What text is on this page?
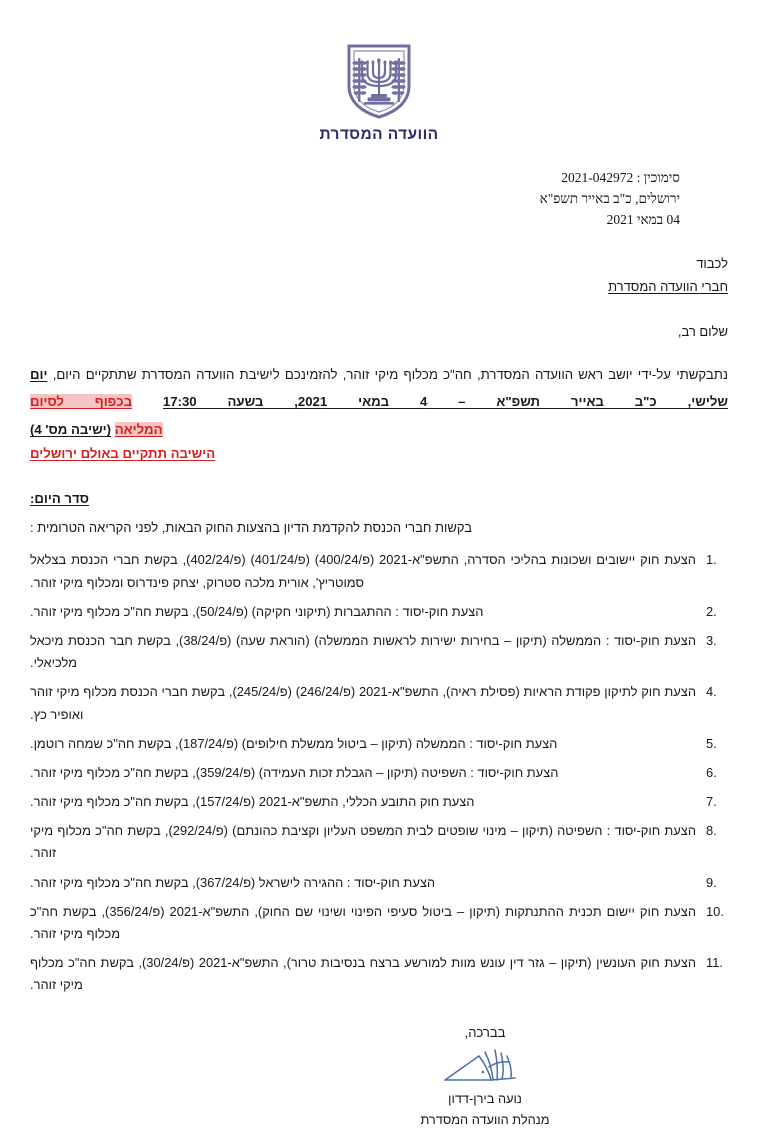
הוועדה המסדרת
סימוכין : 2021-042972
ירושלים, כ"ב באייר תשפ"א
04 במאי 2021
לכבוד
חברי הוועדה המסדרת
שלום רב,
נתבקשתי על-ידי יושב ראש הוועדה המסדרת, חה"כ מכלוף מיקי זוהר, להזמינכם לישיבת הוועדה המסדרת שתתקיים היום, יום שלישי, כ"ב באייר תשפ"א – 4 במאי 2021, בשעה 17:30 בכפוף לסיום
המליאה (ישיבה מס' 4)
הישיבה תתקיים באולם ירושלים
סדר היום:
בקשות חברי הכנסת להקדמת הדיון בהצעות החוק הבאות, לפני הקריאה הטרומית :
הצעת חוק יישובים ושכונות בהליכי הסדרה, התשפ"א-2021 (פ/400/24) (פ/401/24) (פ/402/24), בקשת חברי הכנסת בצלאל סמוטריץ', אורית מלכה סטרוק, יצחק פינדרוס ומכלוף מיקי זוהר.
הצעת חוק-יסוד : ההתגברות (תיקוני חקיקה) (פ/50/24), בקשת חה"כ מכלוף מיקי זוהר.
הצעת חוק-יסוד : הממשלה (תיקון – בחירות ישירות לראשות הממשלה) (הוראת שעה) (פ/38/24), בקשת חבר הכנסת מיכאל מלכיאלי.
הצעת חוק לתיקון פקודת הראיות (פסילת ראיה), התשפ"א-2021 (פ/246/24) (פ/245/24), בקשת חברי הכנסת מכלוף מיקי זוהר ואופיר כץ.
הצעת חוק-יסוד : הממשלה (תיקון – ביטול ממשלת חילופים) (פ/187/24), בקשת חה"כ שמחה רוטמן.
הצעת חוק-יסוד : השפיטה (תיקון – הגבלת זכות העמידה) (פ/359/24), בקשת חה"כ מכלוף מיקי זוהר.
הצעת חוק התובע הכללי, התשפ"א-2021 (פ/157/24), בקשת חה"כ מכלוף מיקי זוהר.
הצעת חוק-יסוד : השפיטה (תיקון – מינוי שופטים לבית המשפט העליון וקציבת כהונתם) (פ/292/24), בקשת חה"כ מכלוף מיקי זוהר.
הצעת חוק-יסוד : ההגירה לישראל (פ/367/24), בקשת חה"כ מכלוף מיקי זוהר.
הצעת חוק יישום תכנית ההתנתקות (תיקון – ביטול סעיפי הפינוי ושינוי שם החוק), התשפ"א-2021 (פ/356/24), בקשת חה"כ מכלוף מיקי זוהר.
הצעת חוק העונשין (תיקון – גזר דין עונש מוות למורשע ברצח בנסיבות טרור), התשפ"א-2021 (פ/30/24), בקשת חה"כ מכלוף מיקי זוהר.
בברכה,
נועה בירן-דדון
מנהלת הוועדה המסדרת
